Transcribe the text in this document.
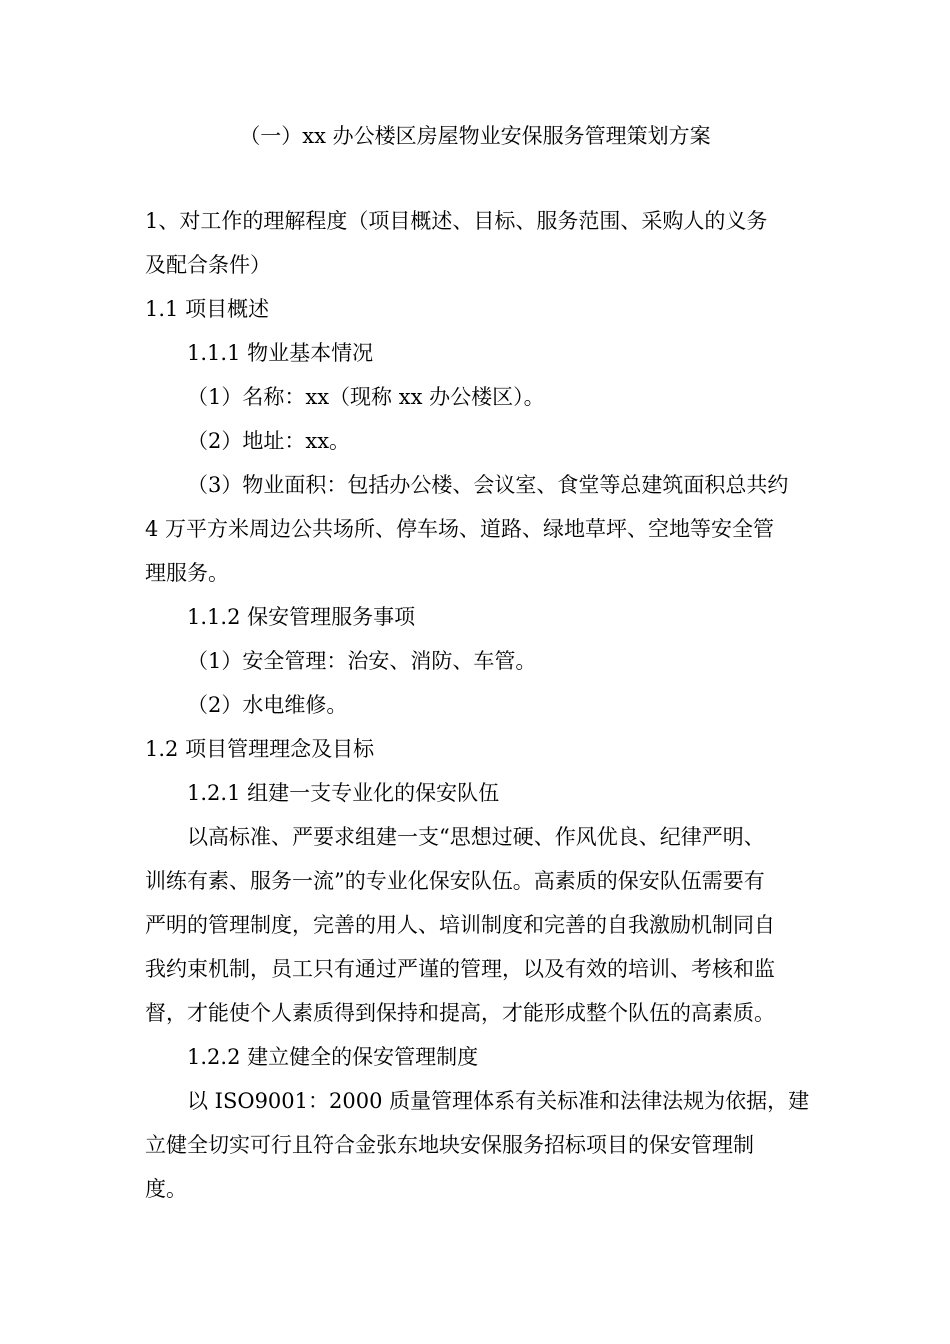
（一）xx 办公楼区房屋物业安保服务管理策划方案
1、对工作的理解程度（项目概述、目标、服务范围、采购人的义务
及配合条件）
1.1 项目概述
1.1.1 物业基本情况
（1）名称：xx（现称 xx 办公楼区）。
（2）地址：xx。
（3）物业面积：包括办公楼、会议室、食堂等总建筑面积总共约
4 万平方米周边公共场所、停车场、道路、绿地草坪、空地等安全管
理服务。
1.1.2 保安管理服务事项
（1）安全管理：治安、消防、车管。
（2）水电维修。
1.2 项目管理理念及目标
1.2.1 组建一支专业化的保安队伍
以高标准、严要求组建一支“思想过硬、作风优良、纪律严明、
训练有素、服务一流”的专业化保安队伍。高素质的保安队伍需要有
严明的管理制度，完善的用人、培训制度和完善的自我激励机制同自
我约束机制，员工只有通过严谨的管理，以及有效的培训、考核和监
督，才能使个人素质得到保持和提高，才能形成整个队伍的高素质。
1.2.2 建立健全的保安管理制度
以 ISO9001：2000 质量管理体系有关标准和法律法规为依据，建
立健全切实可行且符合金张东地块安保服务招标项目的保安管理制
度。
